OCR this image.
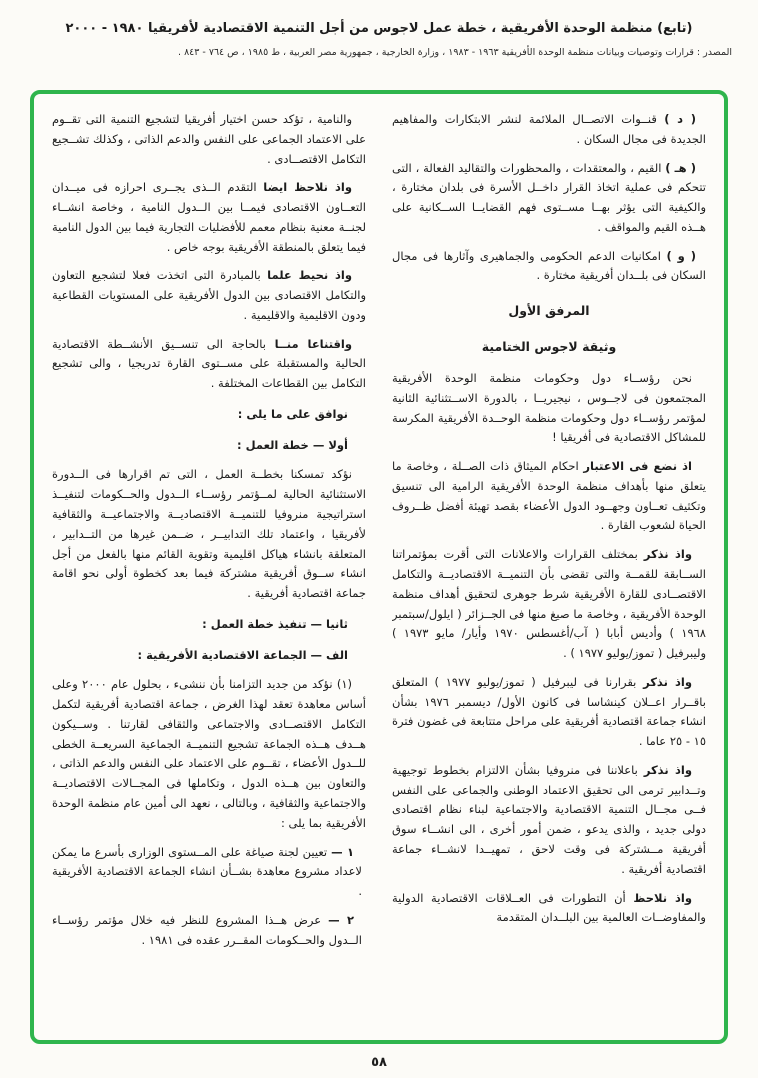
(تابع) منظمة الوحدة الأفريقية ، خطة عمل لاجوس من أجل التنمية الاقتصادية لأفريقيا ١٩٨٠ - ٢٠٠٠
المصدر : قرارات وتوصيات وبيانات منظمة الوحدة الأفريقية ١٩٦٣ - ١٩٨٣ ، وزارة الخارجية ، جمهورية مصر العربية ، ط ١٩٨٥ ، ص ٧٦٤ - ٨٤٣ .

( د ) قنــوات الاتصــال الملائمة لنشر الابتكارات والمفاهيم الجديدة فى مجال السكان .

( هـ ) القيم ، والمعتقدات ، والمحظورات والتقاليد الفعالة ، التى تتحكم فى عملية اتخاذ القرار داخــل الأسرة فى بلدان مختارة ، والكيفية التى يؤثر بهــا مســتوى فهم القضايــا الســكانية على هــذه القيم والمواقف .

( و ) امكانيات الدعم الحكومى والجماهيرى وآثارها فى مجال السكان فى بلــدان أفريقية مختارة .

المرفق الأول

وثيقة لاجوس الختامية

نحن رؤســاء دول وحكومات منظمة الوحدة الأفريقية المجتمعون فى لاجــوس ، نيجيريــا ، بالدورة الاســتثنائية الثانية لمؤتمر رؤســاء دول وحكومات منظمة الوحــدة الأفريقية المكرسة للمشاكل الاقتصادية فى أفريقيا !

اذ نضع فى الاعتبار احكام الميثاق ذات الصــلة ، وخاصة ما يتعلق منها بأهداف منظمة الوحدة الأفريقية الرامية الى تنسيق وتكثيف تعــاون وجهــود الدول الأعضاء بقصد تهيئة أفضل ظــروف الحياة لشعوب القارة .

واذ نذكر بمختلف القرارات والاعلانات التى أقرت بمؤتمراتنا الســابقة للقمــة والتى تقضى بأن التنميــة الاقتصاديــة والتكامل الاقتصــادى للقارة الأفريقية شرط جوهرى لتحقيق أهداف منظمة الوحدة الأفريقية ، وخاصة ما صيغ منها فى الجــزائر ( ايلول/سبتمبر ١٩٦٨ ) وأديس أبابا ( آب/أغسطس ١٩٧٠ وأيار/ مايو ١٩٧٣ ) وليبرفيل ( تموز/يوليو ١٩٧٧ ) .

واذ نذكر بقرارنا فى ليبرفيل ( تموز/يوليو ١٩٧٧ ) المتعلق باقــرار اعــلان كينشاسا فى كانون الأول/ ديسمبر ١٩٧٦ بشأن انشاء جماعة اقتصادية أفريقية على مراحل متتابعة فى غضون فترة ١٥ - ٢٥ عاما .

واذ نذكر باعلاننا فى منروفيا بشأن الالتزام بخطوط توجيهية وتــدابير ترمى الى تحقيق الاعتماد الوطنى والجماعى على النفس فــى مجــال التنمية الاقتصادية والاجتماعية لبناء نظام اقتصادى دولى جديد ، والذى يدعو ، ضمن أمور أخرى ، الى انشــاء سوق أفريقية مــشتركة فى وقت لاحق ، تمهيــدا لانشــاء جماعة اقتصادية أفريقية .

واذ نلاحظ أن التطورات فى العــلاقات الاقتصادية الدولية والمفاوضــات العالمية بين البلــدان المتقدمة

والنامية ، تؤكد حسن اختيار أفريقيا لتشجيع التنمية التى تقــوم على الاعتماد الجماعى على النفس والدعم الذاتى ، وكذلك تشــجيع التكامل الاقتصــادى .

واذ نلاحظ ايضا التقدم الــذى يجــرى احرازه فى ميــدان التعــاون الاقتصادى فيمــا بين الــدول النامية ، وخاصة انشــاء لجنــة معنية بنظام معمم للأفضليات التجارية فيما بين الدول النامية فيما يتعلق بالمنطقة الأفريقية بوجه خاص .

واذ نحيط علما بالمبادرة التى اتخذت فعلا لتشجيع التعاون والتكامل الاقتصادى بين الدول الأفريقية على المستويات القطاعية ودون الاقليمية والاقليمية .

واقتناعا منــا بالحاجة الى تنســيق الأنشــطة الاقتصادية الحالية والمستقبلة على مســتوى القارة تدريجيا ، والى تشجيع التكامل بين القطاعات المختلفة .

نوافق على ما يلى :

أولا — خطة العمل :

نؤكد تمسكنا بخطــة العمل ، التى تم اقرارها فى الــدورة الاستثنائية الحالية لمــؤتمر رؤســاء الــدول والحــكومات لتنفيــذ استراتيجية منروفيا للتنميــة الاقتصاديــة والاجتماعيــة والثقافية لأفريقيا ، واعتماد تلك التدابيــر ، ضــمن غيرها من التــدابير ، المتعلقة بانشاء هياكل اقليمية وتقوية القائم منها بالفعل من أجل انشاء ســوق أفريقية مشتركة فيما بعد كخطوة أولى نحو اقامة جماعة اقتصادية أفريقية .

ثانيا — تنفيذ خطة العمل :

الف — الجماعة الاقتصادية الأفريقية :

(١) نؤكد من جديد التزامنا بأن ننشىء ، بحلول عام ٢٠٠٠ وعلى أساس معاهدة تعقد لهذا الغرض ، جماعة اقتصادية أفريقية لتكمل التكامل الاقتصــادى والاجتماعى والثقافى لقارتنا . وســيكون هــدف هــذه الجماعة تشجيع التنميــة الجماعية السريعــة الخطى للــدول الأعضاء ، تقــوم على الاعتماد على النفس والدعم الذاتى ، والتعاون بين هــذه الدول ، وتكاملها فى المجــالات الاقتصاديــة والاجتماعية والثقافية ، وبالتالى ، نعهد الى أمين عام منظمة الوحدة الأفريقية بما يلى :

١ — تعيين لجنة صياغة على المــستوى الوزارى بأسرع ما يمكن لاعداد مشروع معاهدة بشــأن انشاء الجماعة الاقتصادية الأفريقية .

٢ — عرض هــذا المشروع للنظر فيه خلال مؤتمر رؤســاء الــدول والحــكومات المقــرر عقده فى ١٩٨١ .

٥٨
